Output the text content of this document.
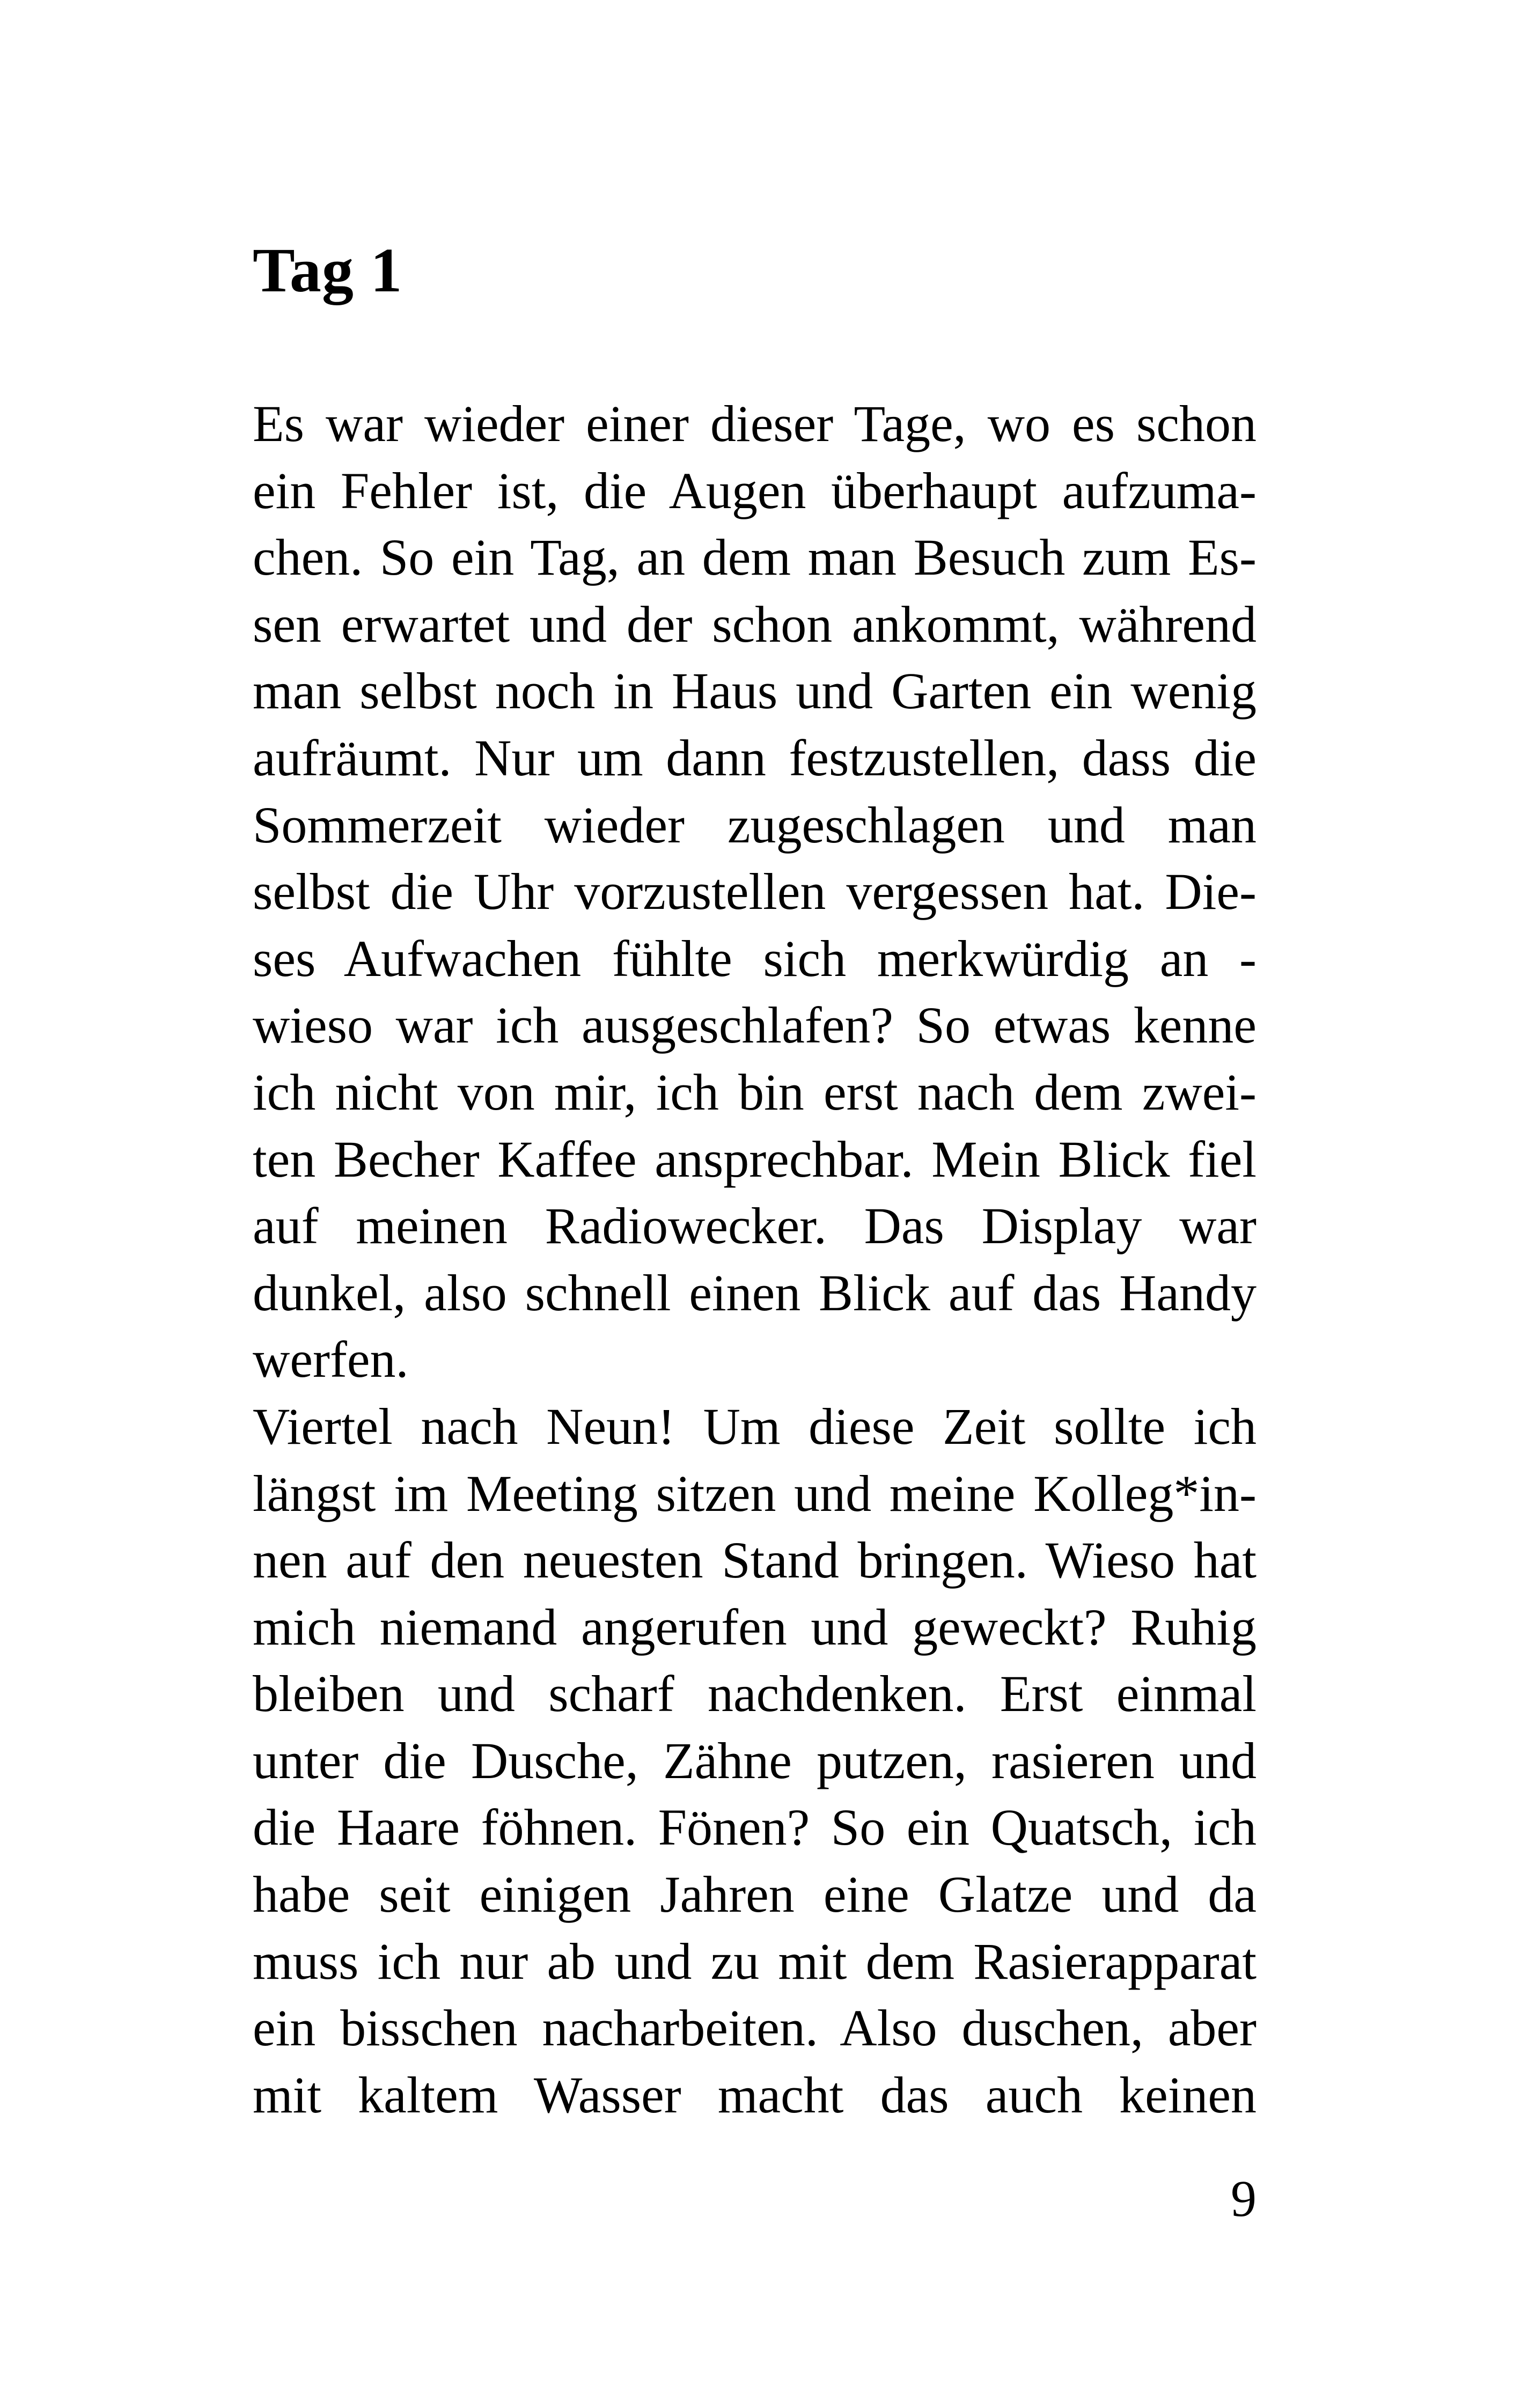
Tag 1
Es war wieder einer dieser Tage, wo es schon
ein Fehler ist, die Augen überhaupt aufzuma-
chen. So ein Tag, an dem man Besuch zum Es-
sen erwartet und der schon ankommt, während
man selbst noch in Haus und Garten ein wenig
aufräumt. Nur um dann festzustellen, dass die
Sommerzeit wieder zugeschlagen und man
selbst die Uhr vorzustellen vergessen hat. Die-
ses Aufwachen fühlte sich merkwürdig an -
wieso war ich ausgeschlafen? So etwas kenne
ich nicht von mir, ich bin erst nach dem zwei-
ten Becher Kaffee ansprechbar. Mein Blick fiel
auf meinen Radiowecker. Das Display war
dunkel, also schnell einen Blick auf das Handy
werfen.
Viertel nach Neun! Um diese Zeit sollte ich
längst im Meeting sitzen und meine Kolleg*in-
nen auf den neuesten Stand bringen. Wieso hat
mich niemand angerufen und geweckt? Ruhig
bleiben und scharf nachdenken. Erst einmal
unter die Dusche, Zähne putzen, rasieren und
die Haare föhnen. Fönen? So ein Quatsch, ich
habe seit einigen Jahren eine Glatze und da
muss ich nur ab und zu mit dem Rasierapparat
ein bisschen nacharbeiten. Also duschen, aber
mit kaltem Wasser macht das auch keinen
9
